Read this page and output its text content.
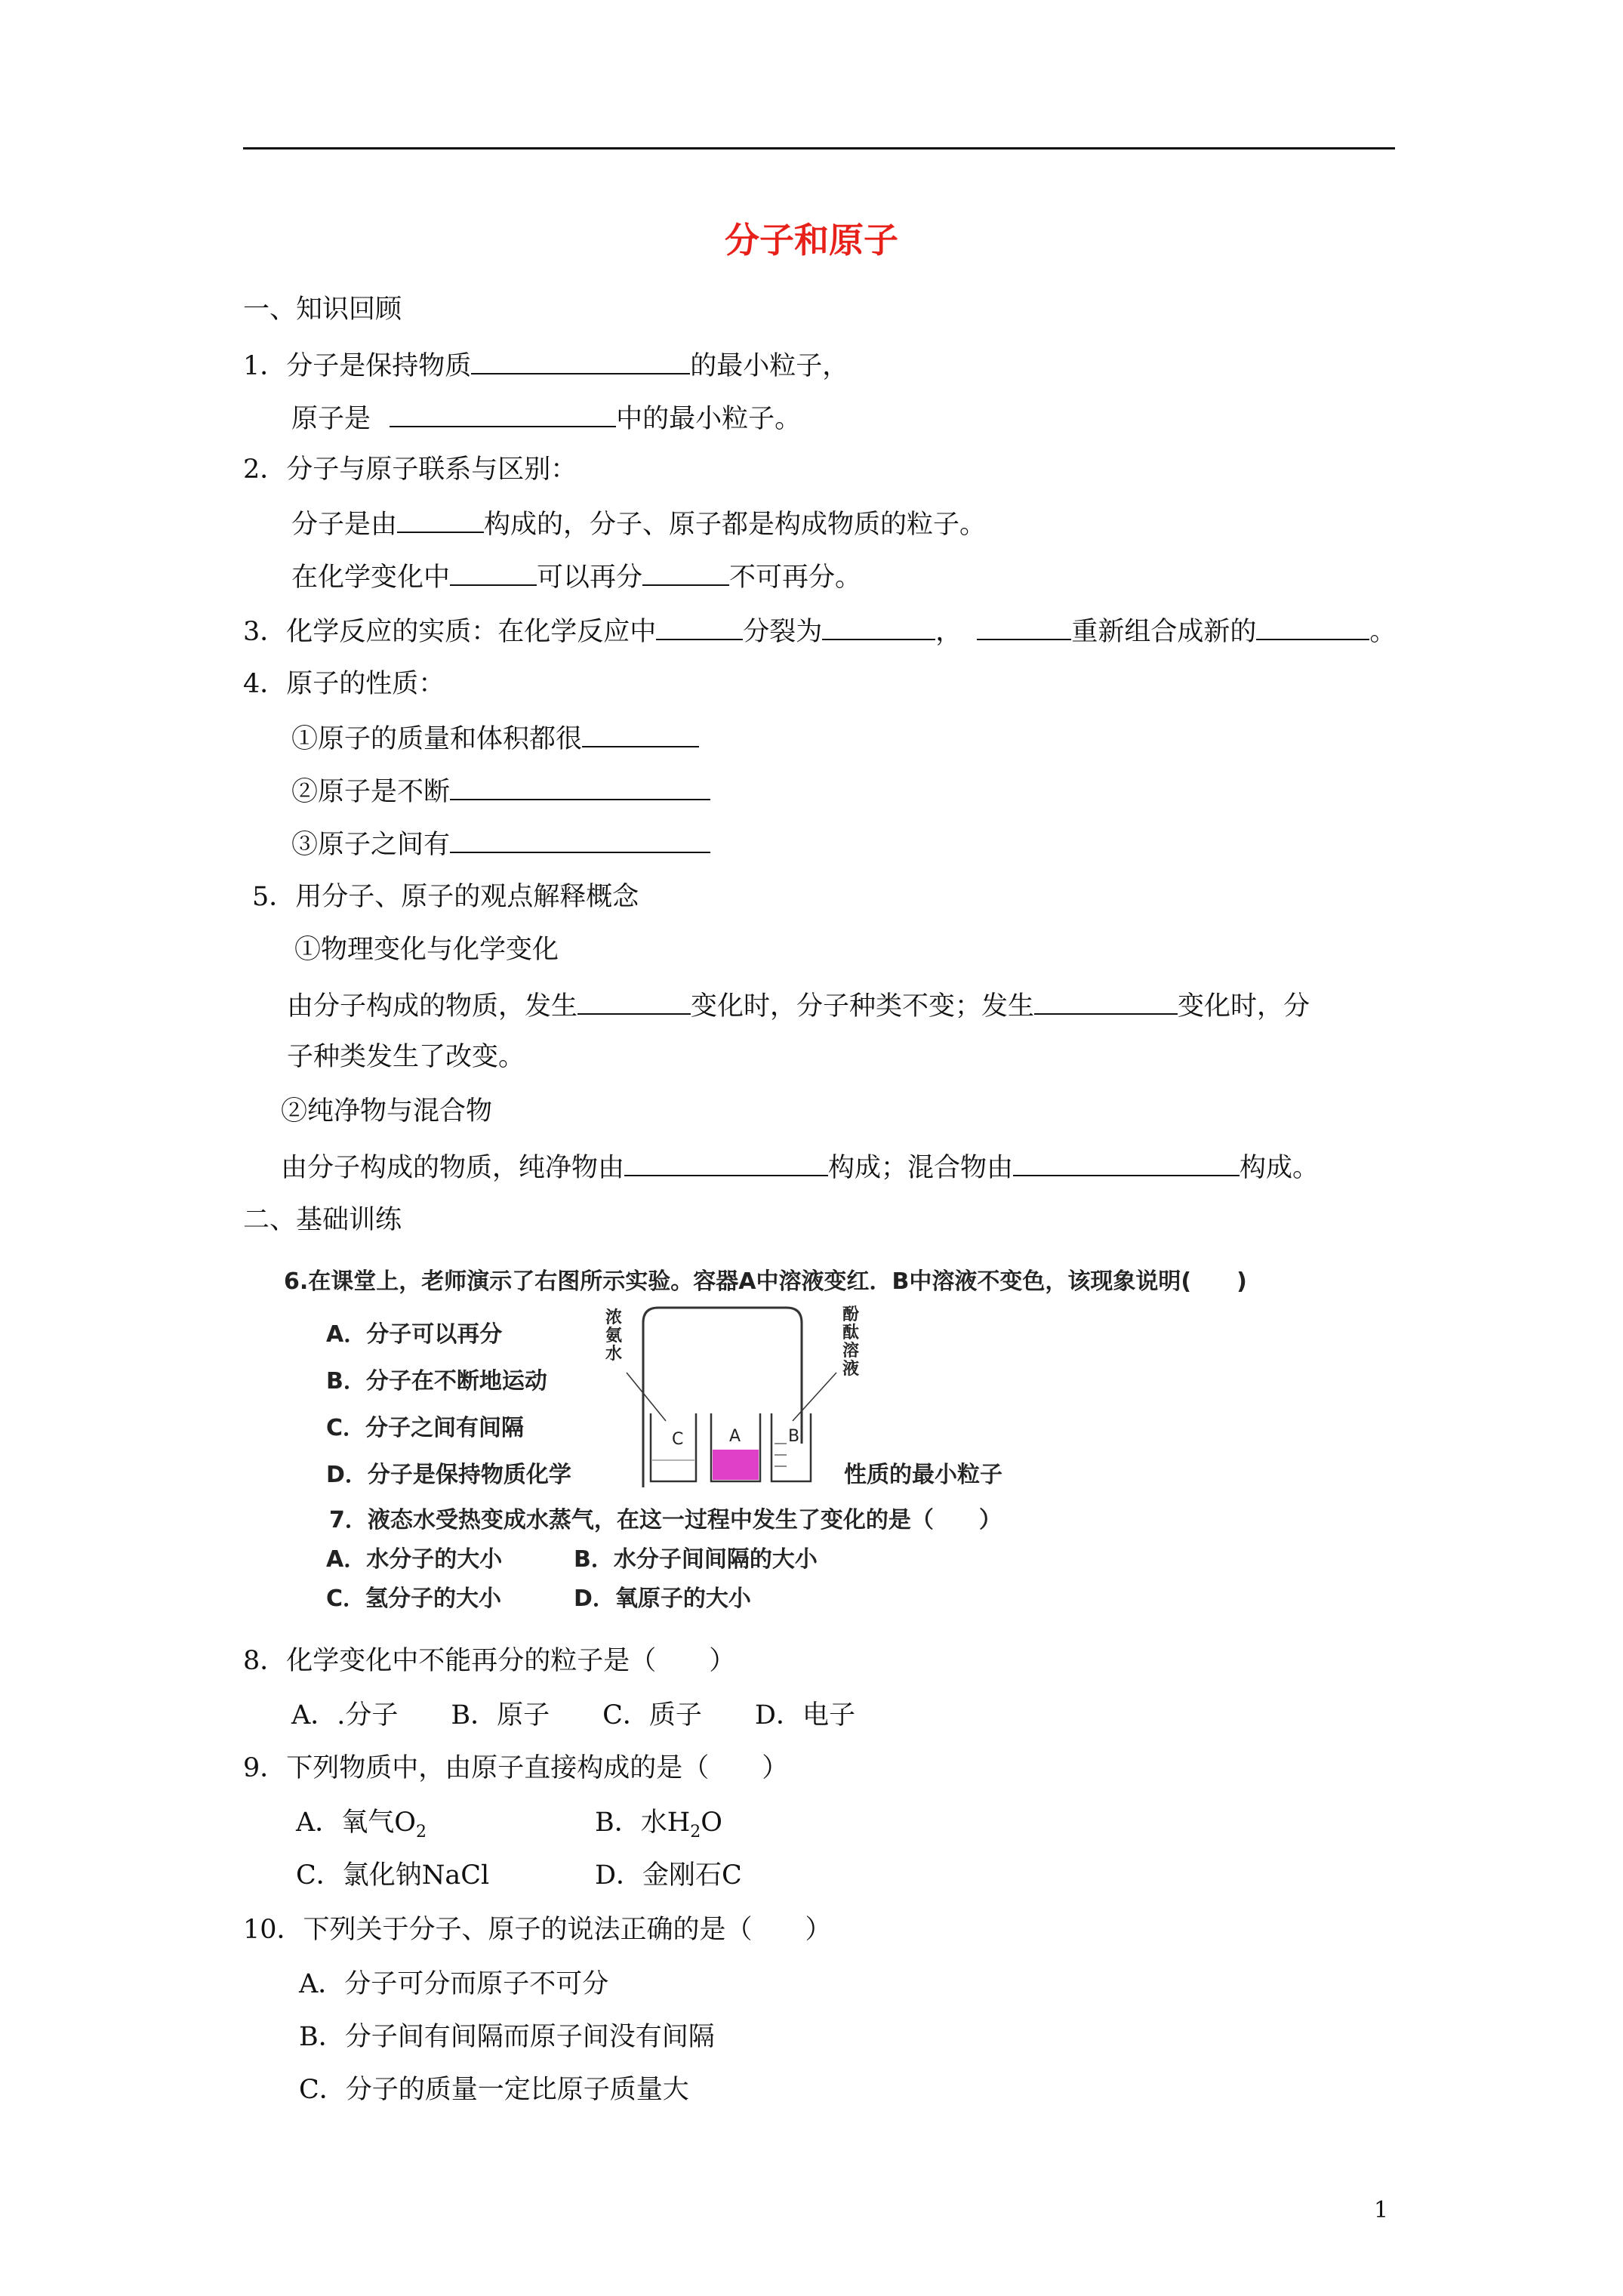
分子和原子
一、知识回顾
1．分子是保持物质	的最小粒子，
原子是	中的最小粒子。
2．分子与原子联系与区别：
分子是由	构成的，分子、原子都是构成物质的粒子。
在化学变化中	可以再分	不可再分。
3．化学反应的实质：在化学反应中	分裂为	，	重新组合成新的	。
4．原子的性质：
①原子的质量和体积都很
②原子是不断
③原子之间有
5．用分子、原子的观点解释概念
①物理变化与化学变化
由分子构成的物质，发生	变化时，分子种类不变；发生	变化时，分
子种类发生了改变。
②纯净物与混合物
由分子构成的物质，纯净物由	构成；混合物由	构成。
二、基础训练
6.在课堂上，老师演示了右图所示实验。容器A中溶液变红．B中溶液不变色，该现象说明(　　)
A．分子可以再分
B．分子在不断地运动
C．分子之间有间隔
D．分子是保持物质化学	性质的最小粒子
浓氨水
酚酞溶液
C	A	B
7．液态水受热变成水蒸气，在这一过程中发生了变化的是（　　）
A．水分子的大小	B．水分子间间隔的大小
C．氢分子的大小	D．氧原子的大小
8．化学变化中不能再分的粒子是（　　）
A．.分子　　B．原子　　C．质子　　D．电子
9．下列物质中，由原子直接构成的是（　　）
A．氧气$O_2$	B．水$H_2O$
C．氯化钠NaCl	D．金刚石C
10．下列关于分子、原子的说法正确的是（　　）
A．分子可分而原子不可分
B．分子间有间隔而原子间没有间隔
C．分子的质量一定比原子质量大
1
